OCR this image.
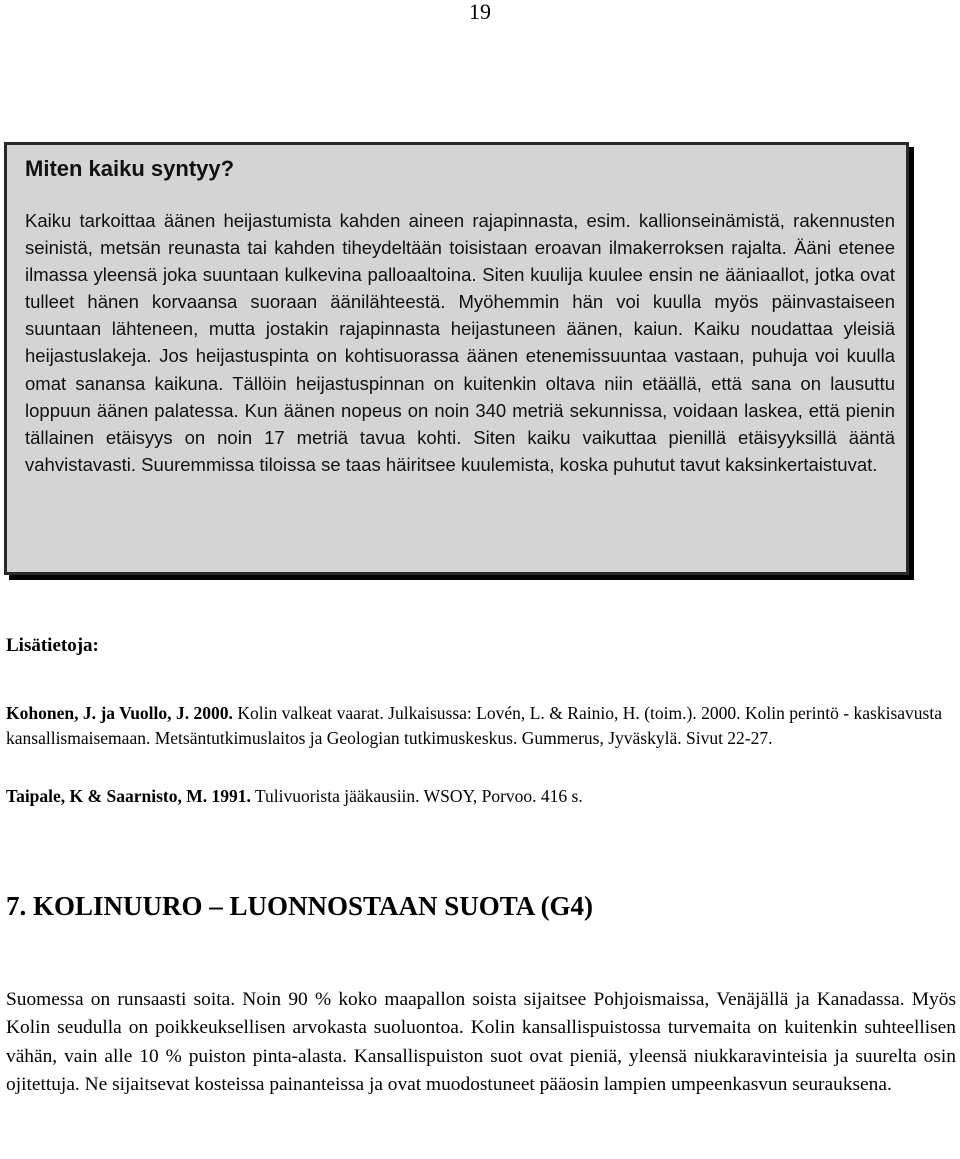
19
Miten kaiku syntyy?

Kaiku tarkoittaa äänen heijastumista kahden aineen rajapinnasta, esim. kallionseinämistä, rakennusten seinistä, metsän reunasta tai kahden tiheydeltään toisistaan eroavan ilmakerroksen rajalta. Ääni etenee ilmassa yleensä joka suuntaan kulkevina palloaaltoina. Siten kuulija kuulee ensin ne ääniaallot, jotka ovat tulleet hänen korvaansa suoraan äänilähteestä. Myöhemmin hän voi kuulla myös päinvastaiseen suuntaan lähteneen, mutta jostakin rajapinnasta heijastuneen äänen, kaiun. Kaiku noudattaa yleisiä heijastuslakeja. Jos heijastuspinta on kohtisuorassa äänen etenemissuuntaa vastaan, puhuja voi kuulla omat sanansa kaikuna. Tällöin heijastuspinnan on kuitenkin oltava niin etäällä, että sana on lausuttu loppuun äänen palatessa. Kun äänen nopeus on noin 340 metriä sekunnissa, voidaan laskea, että pienin tällainen etäisyys on noin 17 metriä tavua kohti. Siten kaiku vaikuttaa pienillä etäisyyksillä ääntä vahvistavasti. Suuremmissa tiloissa se taas häiritsee kuulemista, koska puhutut tavut kaksinkertaistuvat.

Lisätietoja:

Kohonen, J. ja Vuollo, J. 2000. Kolin valkeat vaarat. Julkaisussa: Lovén, L. & Rainio, H. (toim.). 2000. Kolin perintö - kaskisavusta kansallismaisemaan. Metsäntutkimuslaitos ja Geologian tutkimuskeskus. Gummerus, Jyväskylä. Sivut 22-27.

Taipale, K & Saarnisto, M. 1991. Tulivuorista jääkausiin. WSOY, Porvoo. 416 s.

7. KOLINUURO – LUONNOSTAAN SUOTA (G4)

Suomessa on runsaasti soita. Noin 90 % koko maapallon soista sijaitsee Pohjoismaissa, Venäjällä ja Kanadassa. Myös Kolin seudulla on poikkeuksellisen arvokasta suoluontoa. Kolin kansallispuistossa turvemaita on kuitenkin suhteellisen vähän, vain alle 10 % puiston pinta-alasta. Kansallispuiston suot ovat pieniä, yleensä niukkaravinteisia ja suurelta osin ojitettuja. Ne sijaitsevat kosteissa painanteissa ja ovat muodostuneet pääosin lampien umpeenkasvun seurauksena.
